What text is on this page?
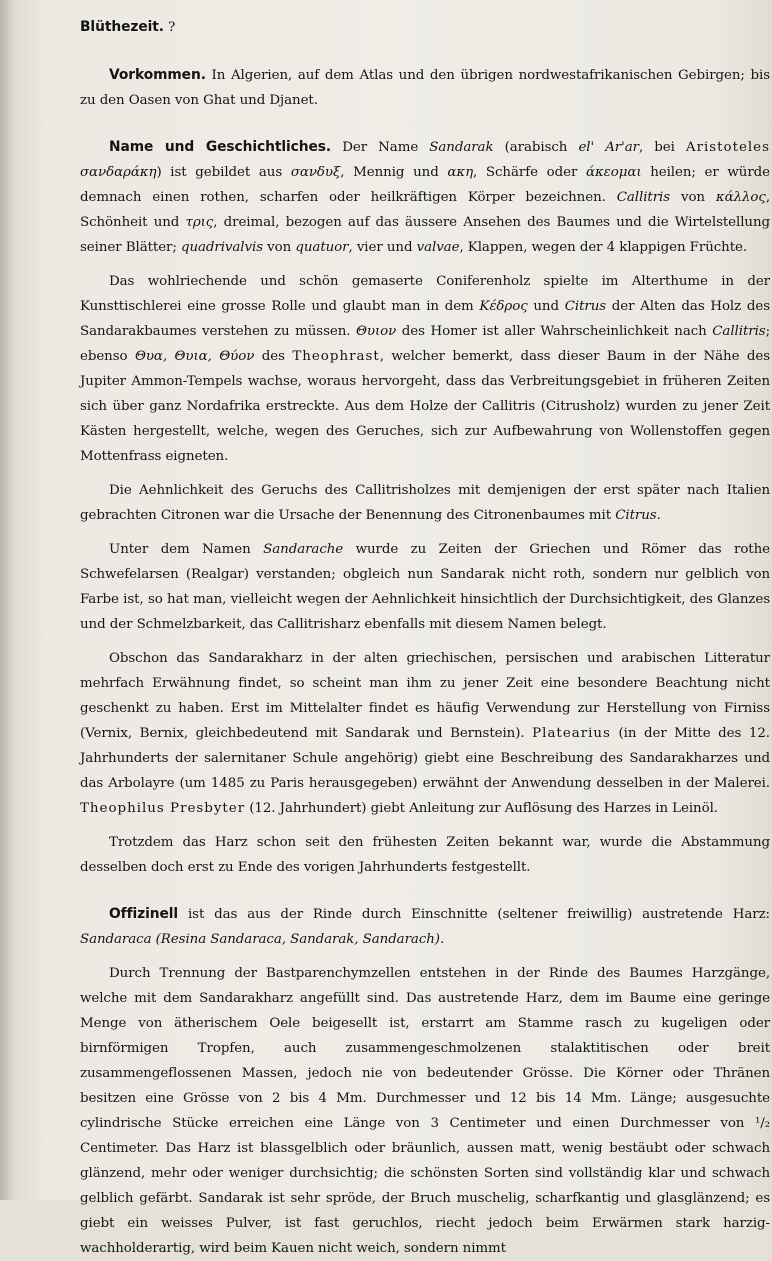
Blüthezeit. ?

Vorkommen. In Algerien, auf dem Atlas und den übrigen nordwestafrikanischen Gebirgen; bis zu den Oasen von Ghat und Djanet.

Name und Geschichtliches. Der Name Sandarak (arabisch el' Ar'ar, bei Aristoteles σανδαράκη) ist gebildet aus σανδυξ, Mennig und ακη, Schärfe oder άκεομαι heilen; er würde demnach einen rothen, scharfen oder heilkräftigen Körper bezeichnen. Callitris von κάλλος, Schönheit und τρις, dreimal, bezogen auf das äussere Ansehen des Baumes und die Wirtelstellung seiner Blätter; quadrivalvis von quatuor, vier und valvae, Klappen, wegen der 4 klappigen Früchte.

Das wohlriechende und schön gemaserte Coniferenholz spielte im Alterthume in der Kunsttischlerei eine grosse Rolle und glaubt man in dem Κέδρος und Citrus der Alten das Holz des Sandarakbaumes verstehen zu müssen. Θυιον des Homer ist aller Wahrscheinlichkeit nach Callitris; ebenso Θυα, Θυια, Θύον des Theophrast, welcher bemerkt, dass dieser Baum in der Nähe des Jupiter Ammon-Tempels wachse, woraus hervorgeht, dass das Verbreitungsgebiet in früheren Zeiten sich über ganz Nordafrika erstreckte. Aus dem Holze der Callitris (Citrusholz) wurden zu jener Zeit Kästen hergestellt, welche, wegen des Geruches, sich zur Aufbewahrung von Wollenstoffen gegen Mottenfrass eigneten.

Die Aehnlichkeit des Geruchs des Callitrisholzes mit demjenigen der erst später nach Italien gebrachten Citronen war die Ursache der Benennung des Citronenbaumes mit Citrus.

Unter dem Namen Sandarache wurde zu Zeiten der Griechen und Römer das rothe Schwefelarsen (Realgar) verstanden; obgleich nun Sandarak nicht roth, sondern nur gelblich von Farbe ist, so hat man, vielleicht wegen der Aehnlichkeit hinsichtlich der Durchsichtigkeit, des Glanzes und der Schmelzbarkeit, das Callitrisharz ebenfalls mit diesem Namen belegt.

Obschon das Sandarakharz in der alten griechischen, persischen und arabischen Litteratur mehrfach Erwähnung findet, so scheint man ihm zu jener Zeit eine besondere Beachtung nicht geschenkt zu haben. Erst im Mittelalter findet es häufig Verwendung zur Herstellung von Firniss (Vernix, Bernix, gleichbedeutend mit Sandarak und Bernstein). Platearius (in der Mitte des 12. Jahrhunderts der salernitaner Schule angehörig) giebt eine Beschreibung des Sandarakharzes und das Arbolayre (um 1485 zu Paris herausgegeben) erwähnt der Anwendung desselben in der Malerei. Theophilus Presbyter (12. Jahrhundert) giebt Anleitung zur Auflösung des Harzes in Leinöl.

Trotzdem das Harz schon seit den frühesten Zeiten bekannt war, wurde die Abstammung desselben doch erst zu Ende des vorigen Jahrhunderts festgestellt.

Offizinell ist das aus der Rinde durch Einschnitte (seltener freiwillig) austretende Harz: Sandaraca (Resina Sandaraca, Sandarak, Sandarach).

Durch Trennung der Bastparenchymzellen entstehen in der Rinde des Baumes Harzgänge, welche mit dem Sandarakharz angefüllt sind. Das austretende Harz, dem im Baume eine geringe Menge von ätherischem Oele beigesellt ist, erstarrt am Stamme rasch zu kugeligen oder birnförmigen Tropfen, auch zusammengeschmolzenen stalaktitischen oder breit zusammengeflossenen Massen, jedoch nie von bedeutender Grösse. Die Körner oder Thränen besitzen eine Grösse von 2 bis 4 Mm. Durchmesser und 12 bis 14 Mm. Länge; ausgesuchte cylindrische Stücke erreichen eine Länge von 3 Centimeter und einen Durchmesser von ¹/₂ Centimeter. Das Harz ist blassgelblich oder bräunlich, aussen matt, wenig bestäubt oder schwach glänzend, mehr oder weniger durchsichtig; die schönsten Sorten sind vollständig klar und schwach gelblich gefärbt. Sandarak ist sehr spröde, der Bruch muschelig, scharfkantig und glasglänzend; es giebt ein weisses Pulver, ist fast geruchlos, riecht jedoch beim Erwärmen stark harzig-wachholderartig, wird beim Kauen nicht weich, sondern nimmt
